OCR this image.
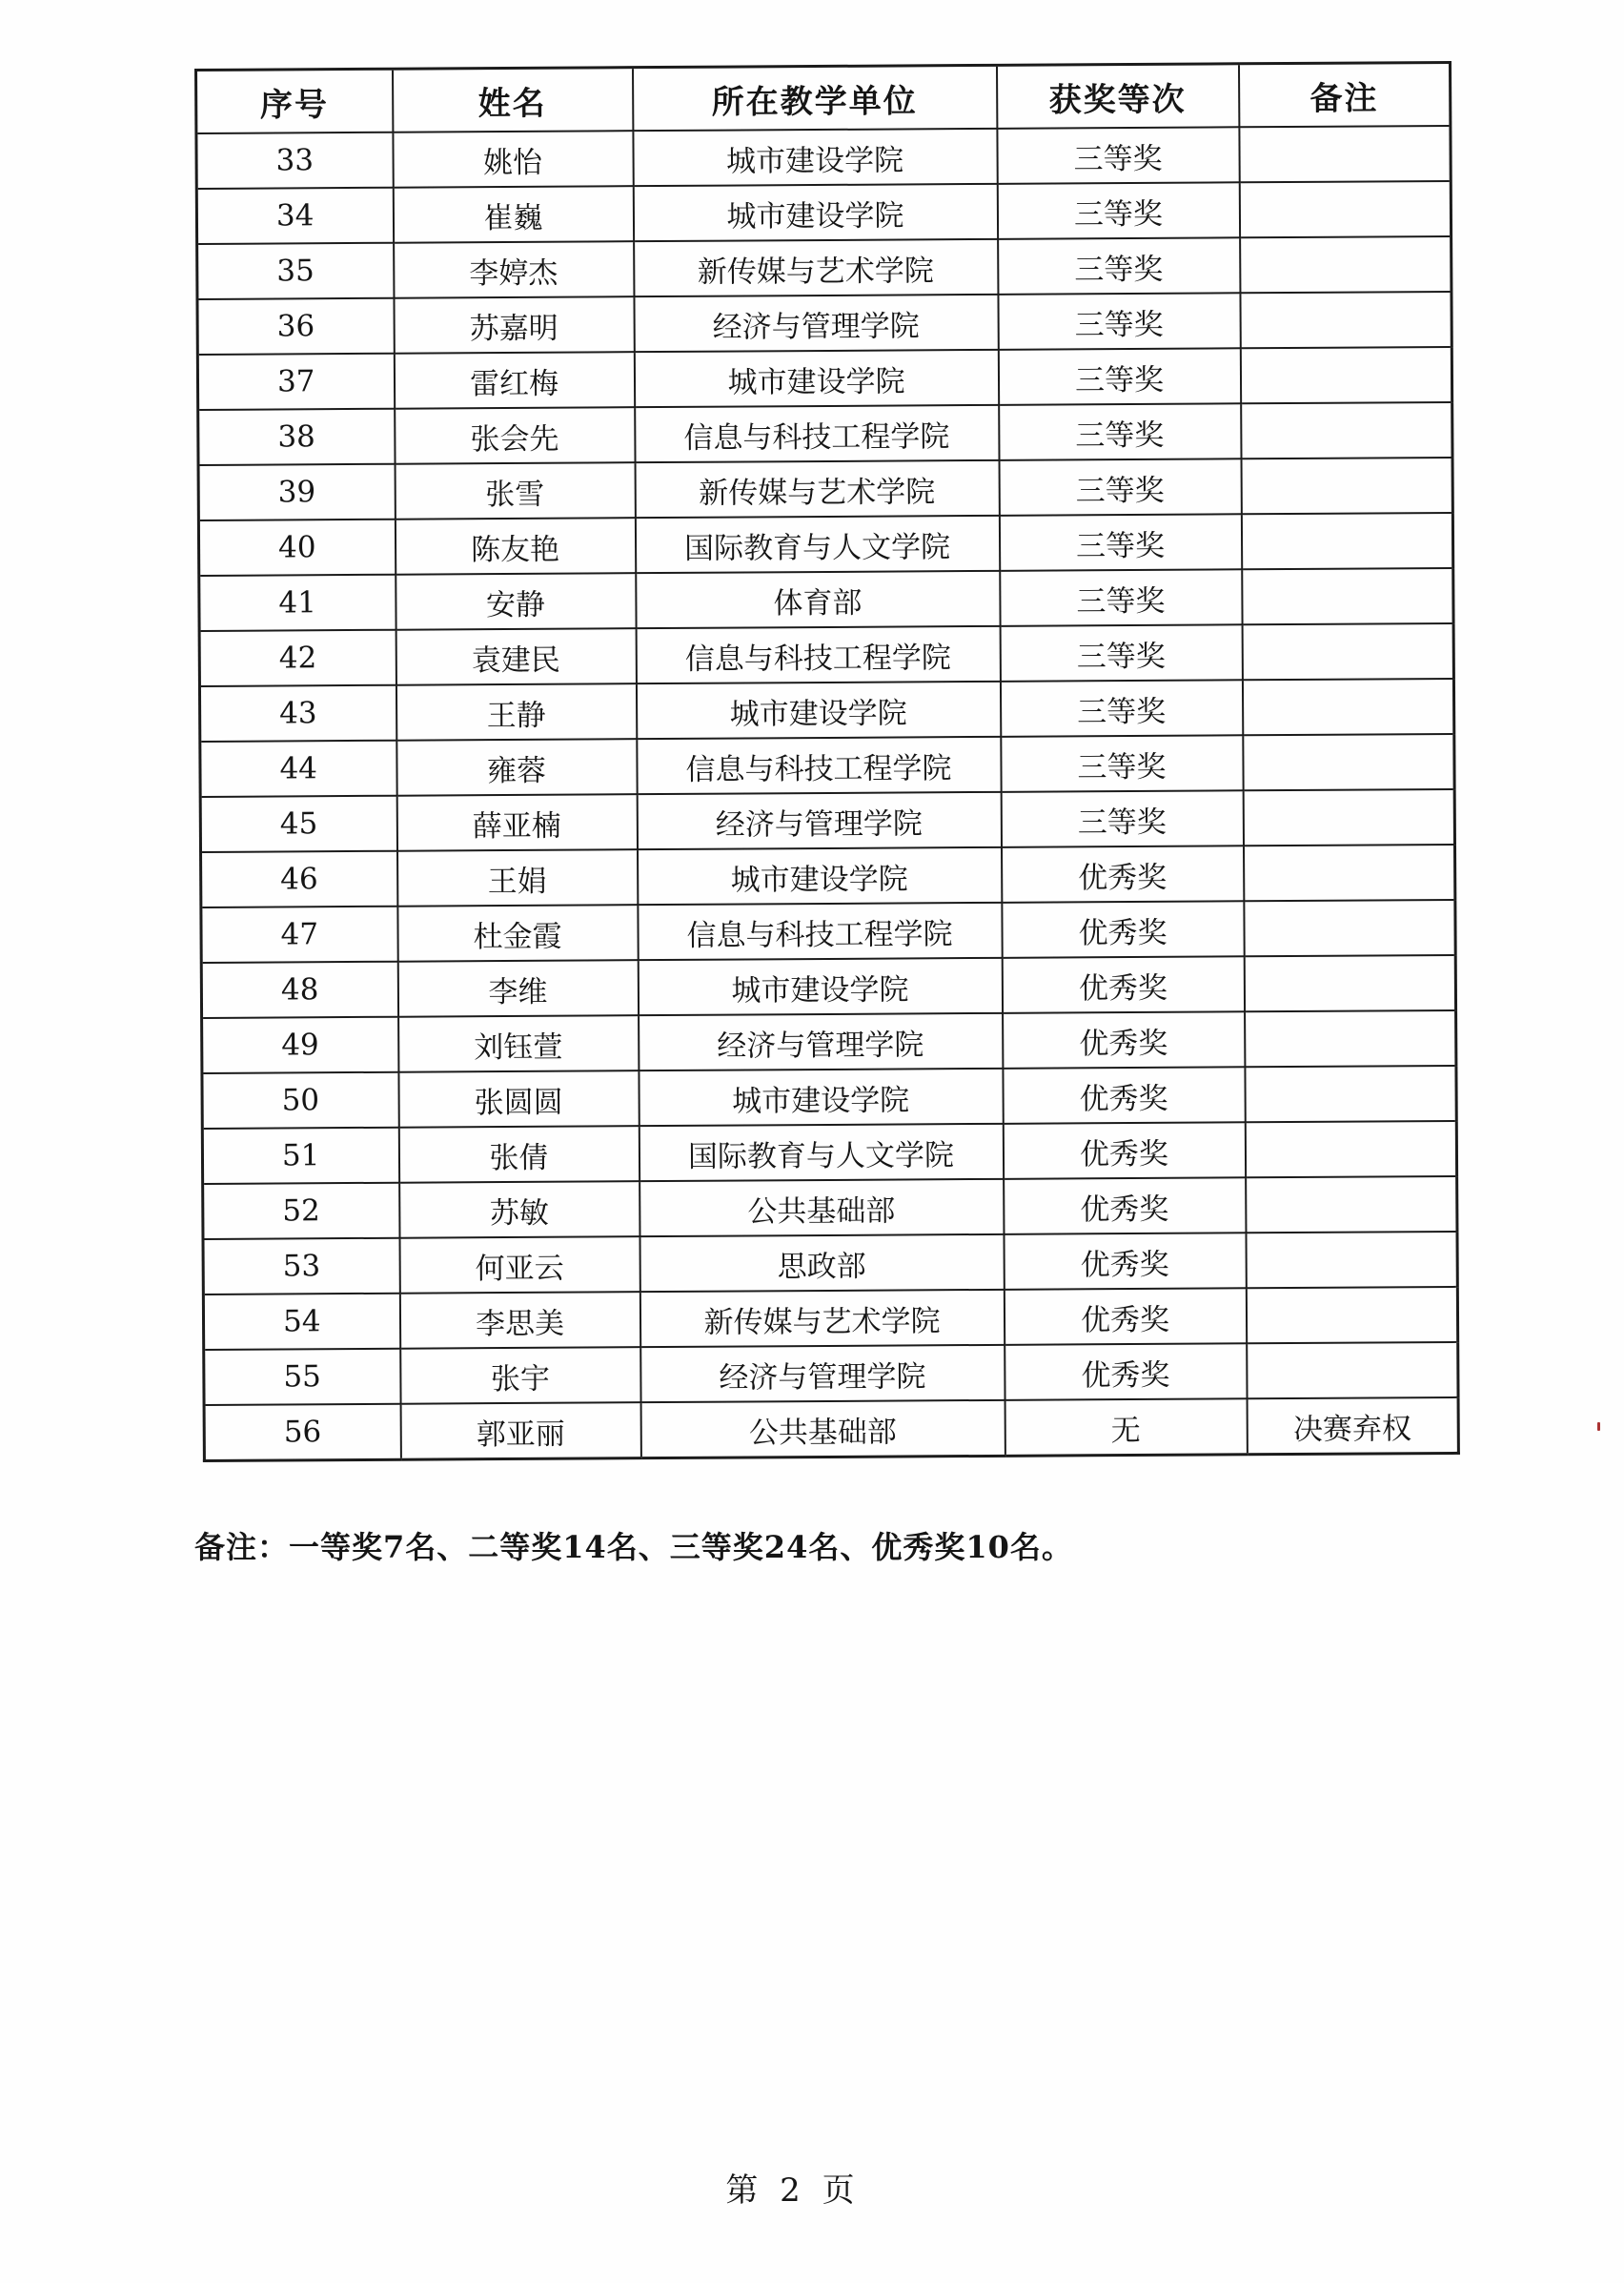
序号	姓名	所在教学单位	获奖等次	备注
33	姚怡	城市建设学院	三等奖	
34	崔巍	城市建设学院	三等奖	
35	李婷杰	新传媒与艺术学院	三等奖	
36	苏嘉明	经济与管理学院	三等奖	
37	雷红梅	城市建设学院	三等奖	
38	张会先	信息与科技工程学院	三等奖	
39	张雪	新传媒与艺术学院	三等奖	
40	陈友艳	国际教育与人文学院	三等奖	
41	安静	体育部	三等奖	
42	袁建民	信息与科技工程学院	三等奖	
43	王静	城市建设学院	三等奖	
44	雍蓉	信息与科技工程学院	三等奖	
45	薛亚楠	经济与管理学院	三等奖	
46	王娟	城市建设学院	优秀奖	
47	杜金霞	信息与科技工程学院	优秀奖	
48	李维	城市建设学院	优秀奖	
49	刘钰萱	经济与管理学院	优秀奖	
50	张圆圆	城市建设学院	优秀奖	
51	张倩	国际教育与人文学院	优秀奖	
52	苏敏	公共基础部	优秀奖	
53	何亚云	思政部	优秀奖	
54	李思美	新传媒与艺术学院	优秀奖	
55	张宇	经济与管理学院	优秀奖	
56	郭亚丽	公共基础部	无	决赛弃权
备注：一等奖7名、二等奖14名、三等奖24名、优秀奖10名。
第 2 页
